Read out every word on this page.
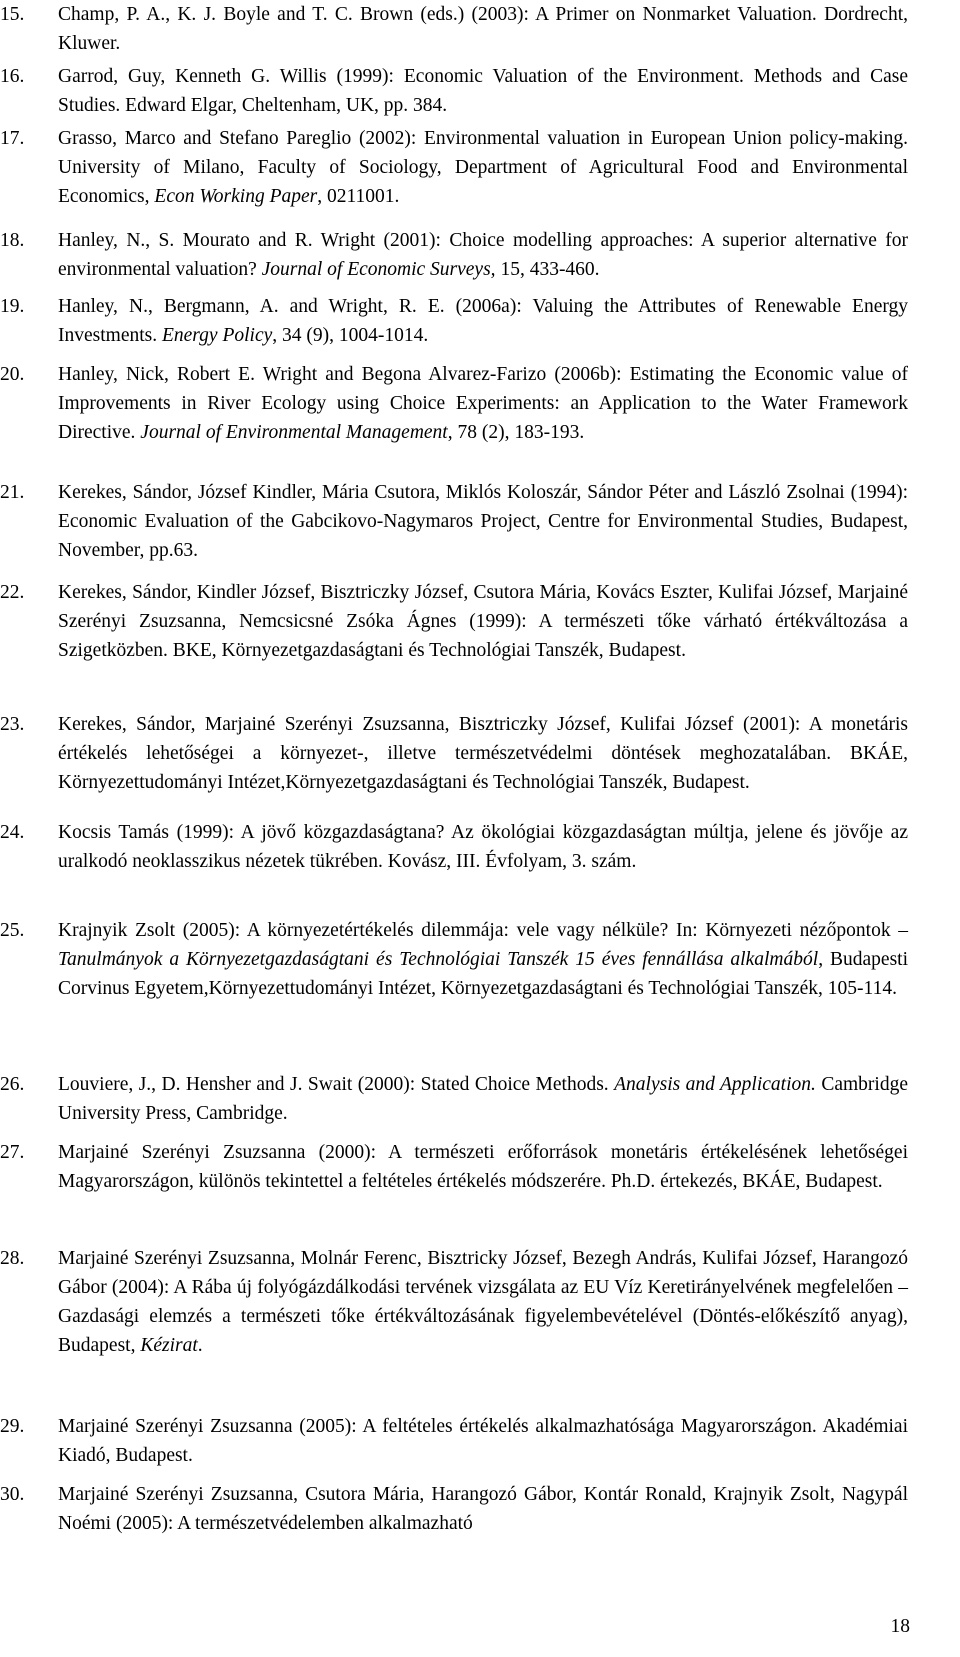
15.	Champ, P. A., K. J. Boyle and T. C. Brown (eds.) (2003): A Primer on Nonmarket Valuation. Dordrecht, Kluwer.
16.	Garrod, Guy, Kenneth G. Willis (1999): Economic Valuation of the Environment. Methods and Case Studies. Edward Elgar, Cheltenham, UK, pp. 384.
17.	Grasso, Marco and Stefano Pareglio (2002): Environmental valuation in European Union policy-making. University of Milano, Faculty of Sociology, Department of Agricultural Food and Environmental Economics, Econ Working Paper, 0211001.
18.	Hanley, N., S. Mourato and R. Wright (2001): Choice modelling approaches: A superior alternative for environmental valuation? Journal of Economic Surveys, 15, 433-460.
19.	Hanley, N., Bergmann, A. and Wright, R. E. (2006a): Valuing the Attributes of Renewable Energy Investments. Energy Policy, 34 (9), 1004-1014.
20.	Hanley, Nick, Robert E. Wright and Begona Alvarez-Farizo (2006b): Estimating the Economic value of Improvements in River Ecology using Choice Experiments: an Application to the Water Framework Directive. Journal of Environmental Management, 78 (2), 183-193.
21.	Kerekes, Sándor, József Kindler, Mária Csutora, Miklós Koloszár, Sándor Péter and László Zsolnai (1994): Economic Evaluation of the Gabcikovo-Nagymaros Project, Centre for Environmental Studies, Budapest, November, pp.63.
22.	Kerekes, Sándor, Kindler József, Bisztriczky József, Csutora Mária, Kovács Eszter, Kulifai József, Marjainé Szerényi Zsuzsanna, Nemcsicsné Zsóka Ágnes (1999): A természeti tőke várható értékváltozása a Szigetközben. BKE, Környezetgazdaságtani és Technológiai Tanszék, Budapest.
23.	Kerekes, Sándor, Marjainé Szerényi Zsuzsanna, Bisztriczky József, Kulifai József (2001): A monetáris értékelés lehetőségei a környezet-, illetve természetvédelmi döntések meghozatalában. BKÁE, Környezettudományi Intézet,Környezetgazdaságtani és Technológiai Tanszék, Budapest.
24.	Kocsis Tamás (1999): A jövő közgazdaságtana? Az ökológiai közgazdaságtan múltja, jelene és jövője az uralkodó neoklasszikus nézetek tükrében. Kovász, III. Évfolyam, 3. szám.
25.	Krajnyik Zsolt (2005): A környezetértékelés dilemmája: vele vagy nélküle? In: Környezeti nézőpontok – Tanulmányok a Környezetgazdaságtani és Technológiai Tanszék 15 éves fennállása alkalmából, Budapesti Corvinus Egyetem,Környezettudományi Intézet, Környezetgazdaságtani és Technológiai Tanszék, 105-114.
26.	Louviere, J., D. Hensher and J. Swait (2000): Stated Choice Methods. Analysis and Application. Cambridge University Press, Cambridge.
27.	Marjainé Szerényi Zsuzsanna (2000): A természeti erőforrások monetáris értékelésének lehetőségei Magyarországon, különös tekintettel a feltételes értékelés módszerére. Ph.D. értekezés, BKÁE, Budapest.
28.	Marjainé Szerényi Zsuzsanna, Molnár Ferenc, Bisztricky József, Bezegh András, Kulifai József, Harangozó Gábor (2004): A Rába új folyógázdálkodási tervének vizsgálata az EU Víz Keretirányelvének megfelelően – Gazdasági elemzés a természeti tőke értékváltozásának figyelembevételével (Döntés-előkészítő anyag), Budapest, Kézirat.
29.	Marjainé Szerényi Zsuzsanna (2005): A feltételes értékelés alkalmazhatósága Magyarországon. Akadémiai Kiadó, Budapest.
30.	Marjainé Szerényi Zsuzsanna, Csutora Mária, Harangozó Gábor, Kontár Ronald, Krajnyik Zsolt, Nagypál Noémi (2005): A természetvédelemben alkalmazható
18
